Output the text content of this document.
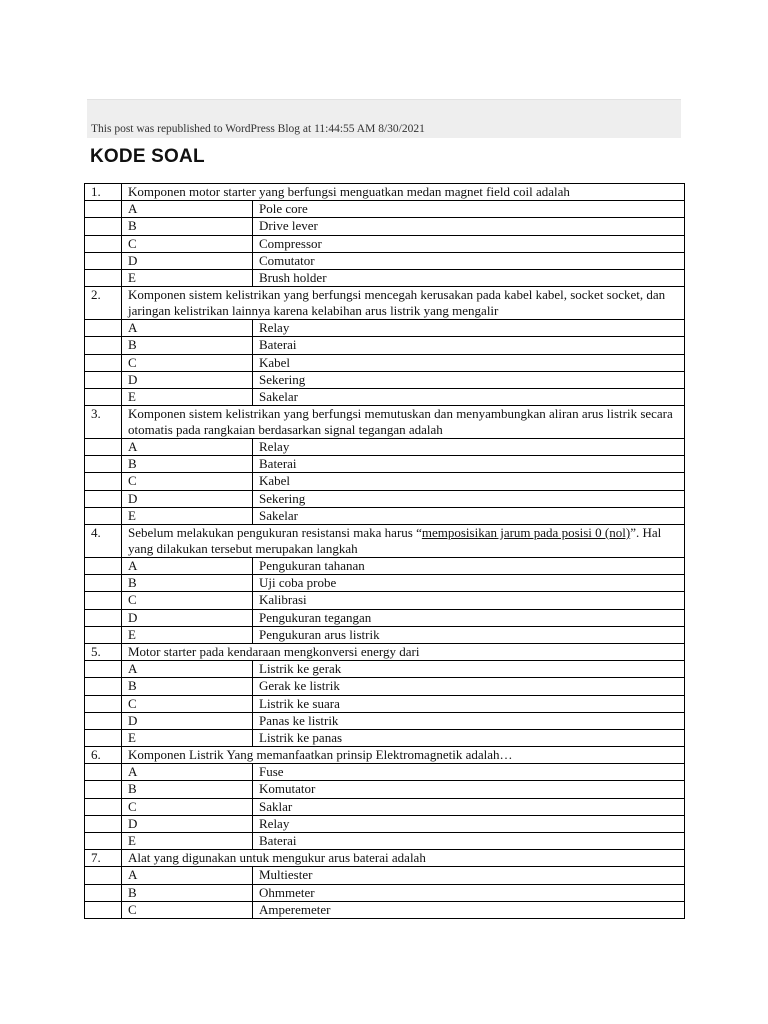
This post was republished to WordPress Blog at 11:44:55 AM 8/30/2021
KODE SOAL
1.	Komponen motor starter yang berfungsi menguatkan medan magnet field coil adalah	
	A	Pole core
	B	Drive lever
	C	Compressor
	D	Comutator
	E	Brush holder
2.	Komponen sistem kelistrikan yang berfungsi mencegah kerusakan pada kabel kabel, socket socket, dan jaringan kelistrikan lainnya karena kelabihan arus listrik yang mengalir	
	A	Relay
	B	Baterai
	C	Kabel
	D	Sekering
	E	Sakelar
3.	Komponen sistem kelistrikan yang berfungsi memutuskan dan menyambungkan aliran arus listrik secara otomatis pada rangkaian berdasarkan signal tegangan adalah	
	A	Relay
	B	Baterai
	C	Kabel
	D	Sekering
	E	Sakelar
4.	Sebelum melakukan pengukuran resistansi maka harus “memposisikan jarum pada posisi 0 (nol)”. Hal yang dilakukan tersebut merupakan langkah	
	A	Pengukuran tahanan
	B	Uji coba probe
	C	Kalibrasi
	D	Pengukuran tegangan
	E	Pengukuran arus listrik
5.	Motor starter pada kendaraan mengkonversi energy dari	
	A	Listrik ke gerak
	B	Gerak ke listrik
	C	Listrik ke suara
	D	Panas ke listrik
	E	Listrik ke panas
6.	Komponen Listrik Yang memanfaatkan prinsip Elektromagnetik adalah…	
	A	Fuse
	B	Komutator
	C	Saklar
	D	Relay
	E	Baterai
7.	Alat yang digunakan untuk mengukur arus baterai adalah	
	A	Multiester
	B	Ohmmeter
	C	Amperemeter
